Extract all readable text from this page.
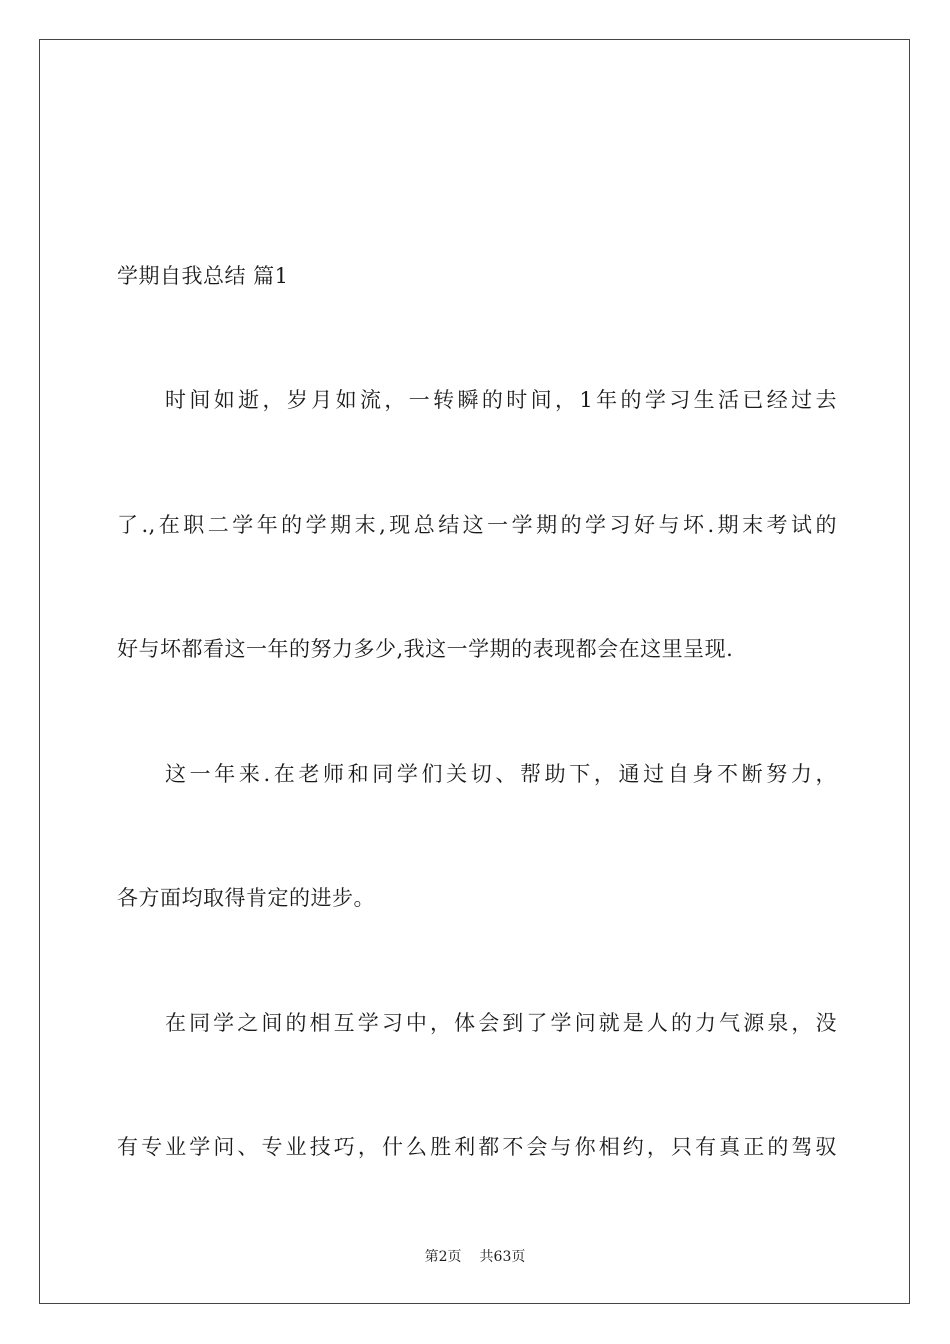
学期自我总结 篇1
时间如逝，岁月如流，一转瞬的时间，1年的学习生活已经过去
了.,在职二学年的学期末,现总结这一学期的学习好与坏.期末考试的
好与坏都看这一年的努力多少,我这一学期的表现都会在这里呈现.
这一年来.在老师和同学们关切、帮助下，通过自身不断努力，
各方面均取得肯定的进步。
在同学之间的相互学习中，体会到了学问就是人的力气源泉，没
有专业学问、专业技巧，什么胜利都不会与你相约，只有真正的驾驭
第2页 共63页
